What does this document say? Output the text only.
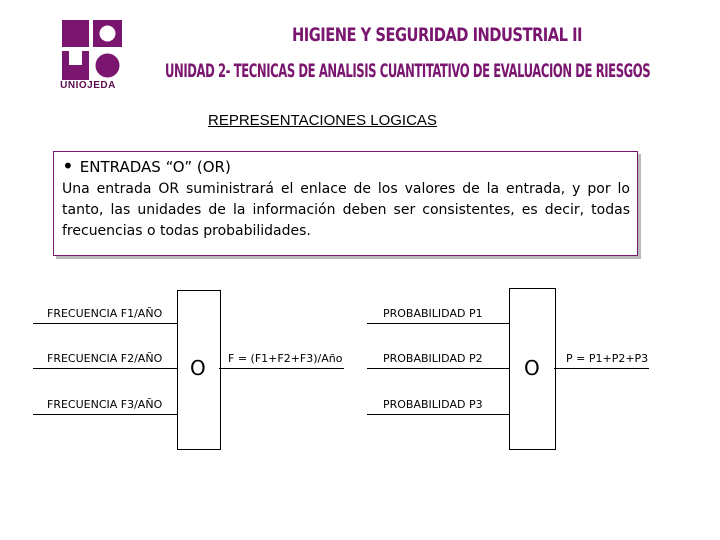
UNIOJEDA
HIGIENE Y SEGURIDAD INDUSTRIAL II
UNIDAD 2- TECNICAS DE ANALISIS CUANTITATIVO DE EVALUACION DE RIESGOS
REPRESENTACIONES LOGICAS
• ENTRADAS “O” (OR)
Una entrada OR suministrará el enlace de los valores de la entrada, y por lo tanto, las unidades de la información deben ser consistentes, es decir, todas frecuencias o todas probabilidades.
FRECUENCIA F1/AÑO
FRECUENCIA F2/AÑO
FRECUENCIA F3/AÑO
O F = (F1+F2+F3)/Año
PROBABILIDAD P1
PROBABILIDAD P2
PROBABILIDAD P3
O P = P1+P2+P3
